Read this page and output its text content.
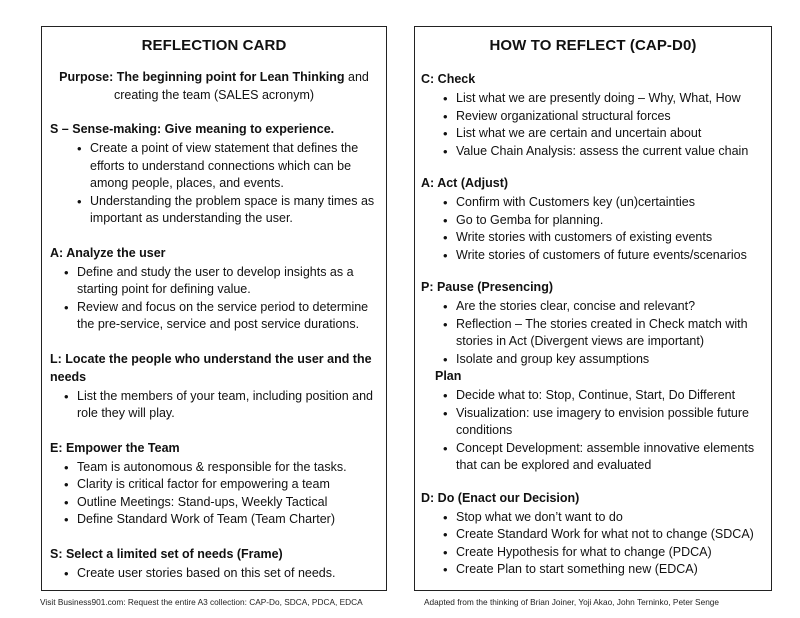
REFLECTION CARD
Purpose: The beginning point for Lean Thinking and creating the team (SALES acronym)
S – Sense-making: Give meaning to experience.
• Create a point of view statement that defines the efforts to understand connections which can be among people, places, and events.
• Understanding the problem space is many times as important as understanding the user.
A: Analyze the user
• Define and study the user to develop insights as a starting point for defining value.
• Review and focus on the service period to determine the pre-service, service and post service durations.
L: Locate the people who understand the user and the needs
• List the members of your team, including position and role they will play.
E: Empower the Team
• Team is autonomous & responsible for the tasks.
• Clarity is critical factor for empowering a team
• Outline Meetings: Stand-ups, Weekly Tactical
• Define Standard Work of Team (Team Charter)
S: Select a limited set of needs (Frame)
• Create user stories based on this set of needs.
HOW TO REFLECT (CAP-D0)
C: Check
• List what we are presently doing – Why, What, How
• Review organizational structural forces
• List what we are certain and uncertain about
• Value Chain Analysis: assess the current value chain
A: Act (Adjust)
• Confirm with Customers key (un)certainties
• Go to Gemba for planning.
• Write stories with customers of existing events
• Write stories of customers of future events/scenarios
P: Pause (Presencing)
• Are the stories clear, concise and relevant?
• Reflection – The stories created in Check match with stories in Act (Divergent views are important)
• Isolate and group key assumptions
Plan
• Decide what to: Stop, Continue, Start, Do Different
• Visualization: use imagery to envision possible future conditions
• Concept Development: assemble innovative elements that can be explored and evaluated
D: Do (Enact our Decision)
• Stop what we don’t want to do
• Create Standard Work for what not to change (SDCA)
• Create Hypothesis for what to change (PDCA)
• Create Plan to start something new (EDCA)
Visit Business901.com: Request the entire A3 collection: CAP-Do, SDCA, PDCA, EDCA	Adapted from the thinking of Brian Joiner, Yoji Akao, John Terninko, Peter Senge
